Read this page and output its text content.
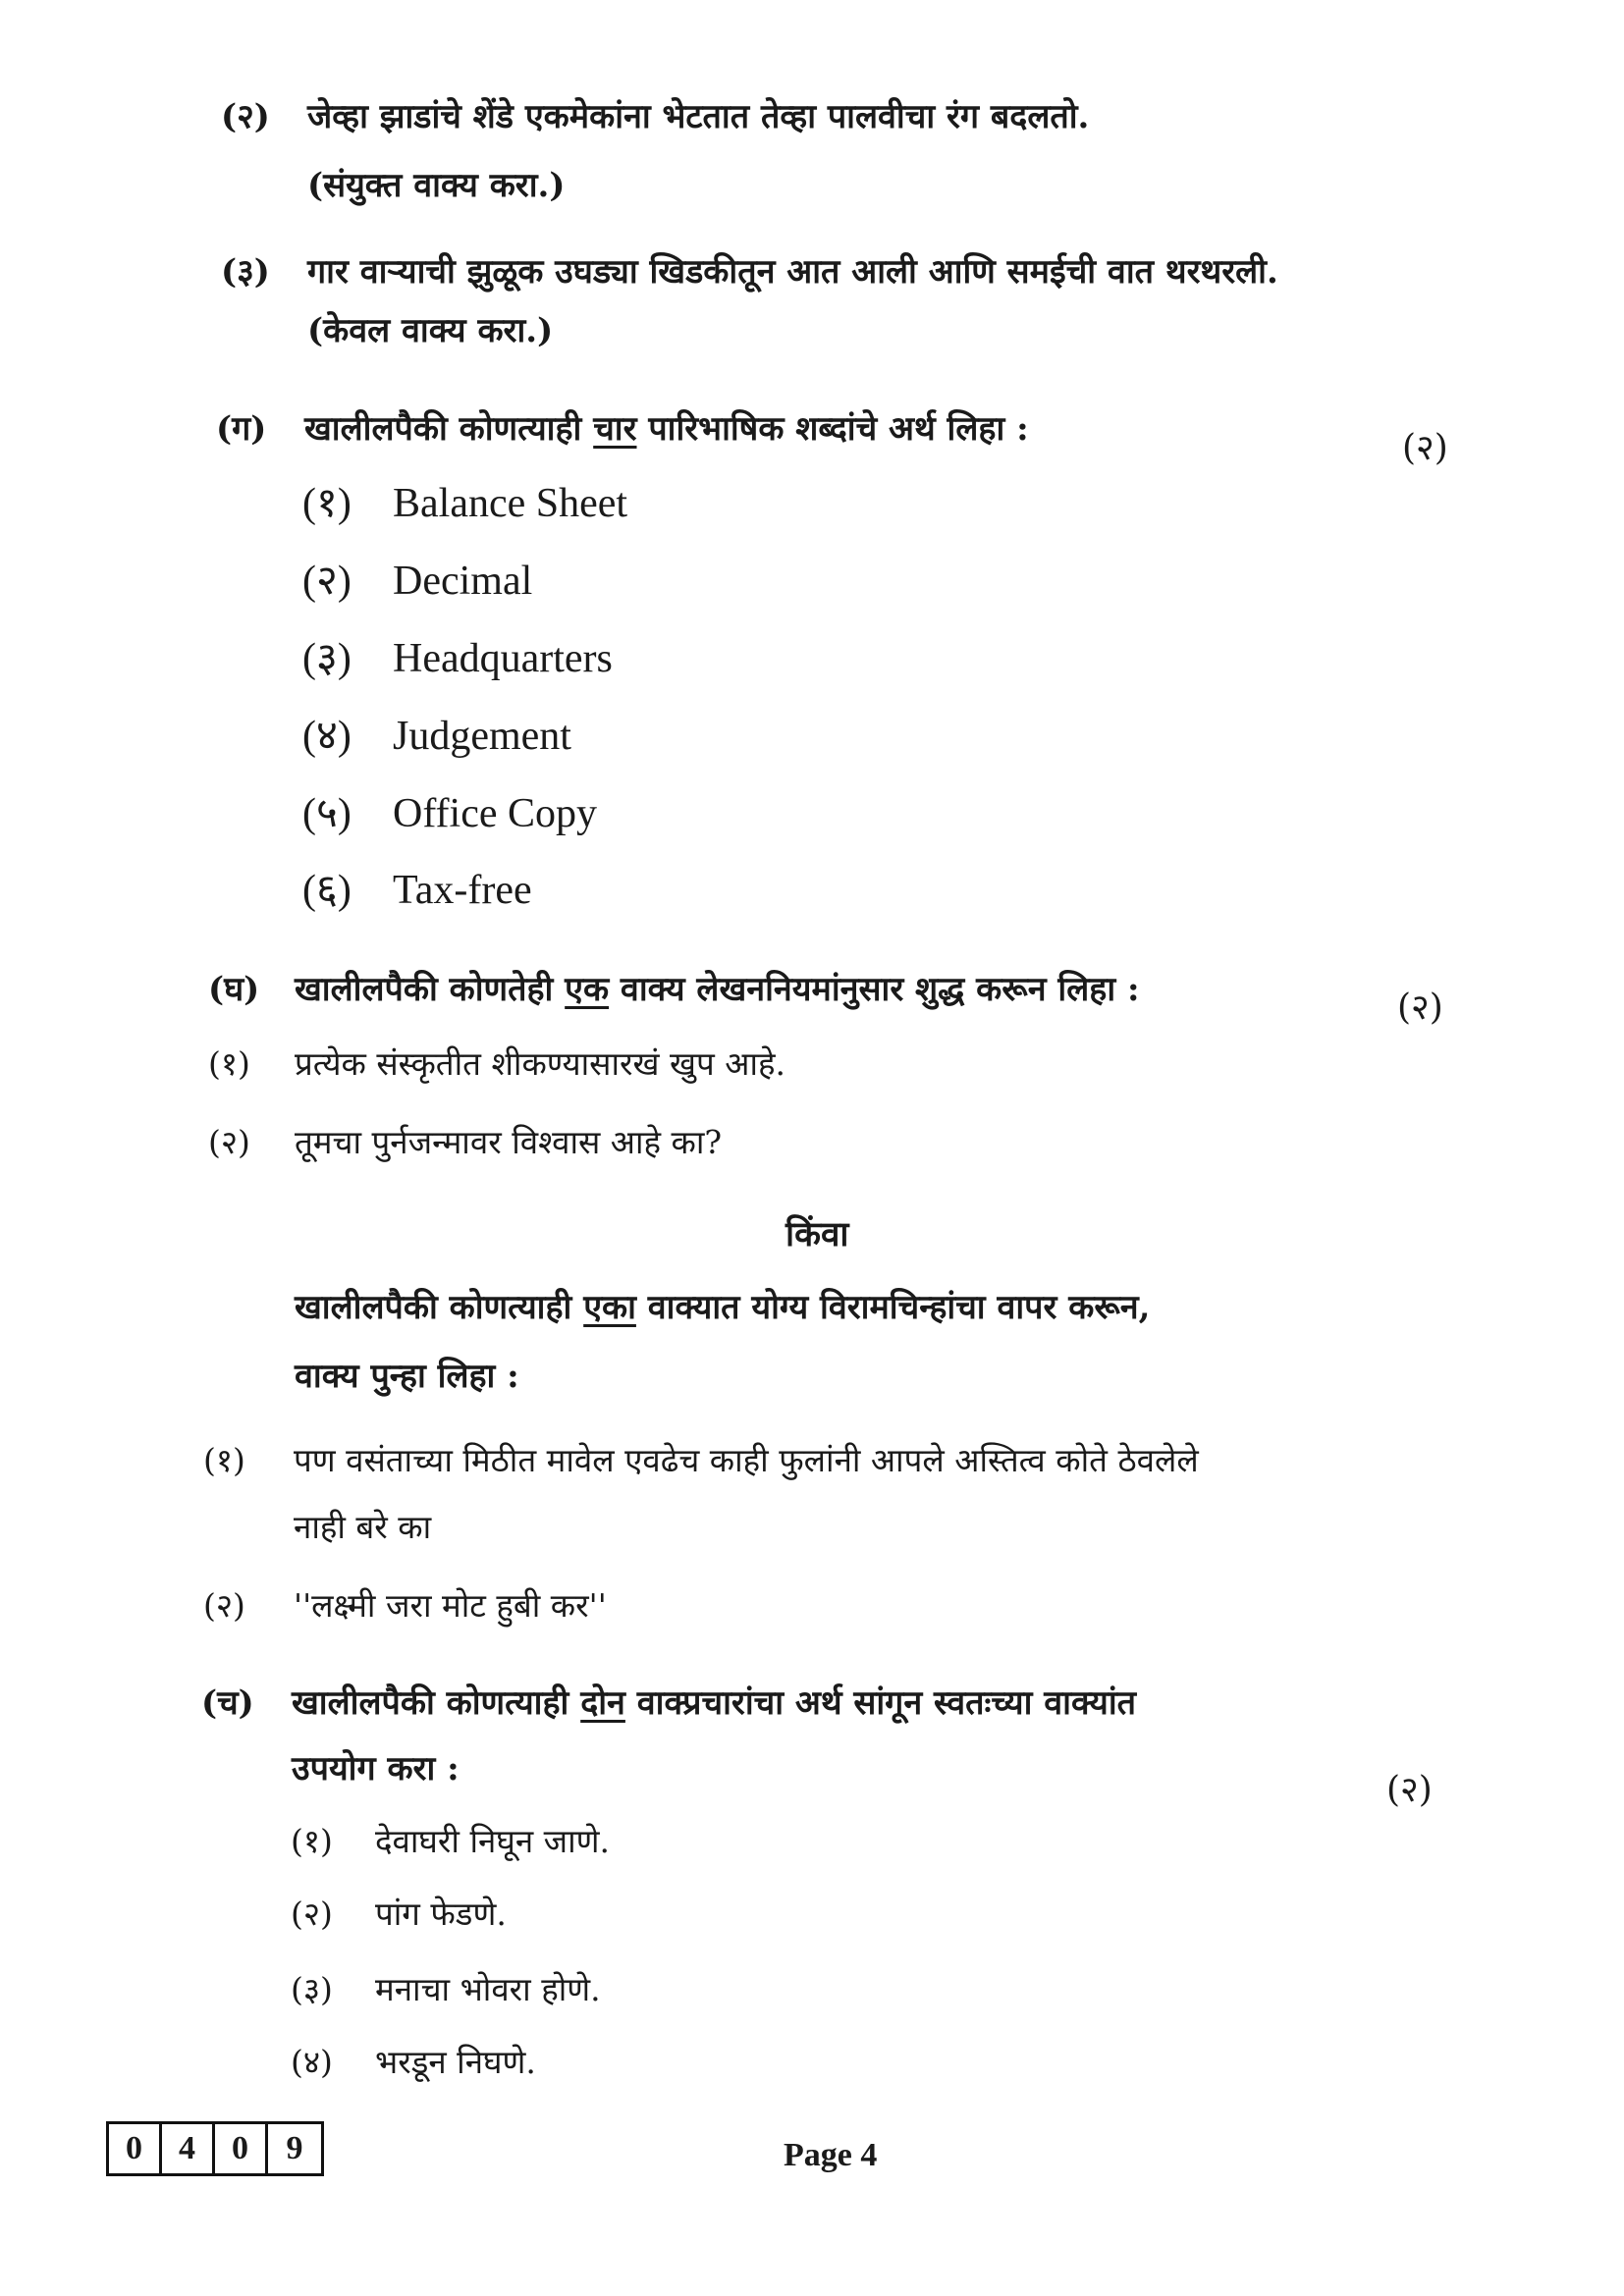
(२) जेव्हा झाडांचे शेंडे एकमेकांना भेटतात तेव्हा पालवीचा रंग बदलतो.
(संयुक्त वाक्य करा.)
(३) गार वाऱ्याची झुळूक उघड्या खिडकीतून आत आली आणि समईची वात थरथरली.
(केवल वाक्य करा.)
(ग) खालीलपैकी कोणत्याही चार पारिभाषिक शब्दांचे अर्थ लिहा :	(२)
(१) Balance Sheet
(२) Decimal
(३) Headquarters
(४) Judgement
(५) Office Copy
(६) Tax-free
(घ) खालीलपैकी कोणतेही एक वाक्य लेखननियमांनुसार शुद्ध करून लिहा :	(२)
(१) प्रत्येक संस्कृतीत शीकण्यासारखं खुप आहे.
(२) तूमचा पुर्नजन्मावर विश्वास आहे का?
किंवा
खालीलपैकी कोणत्याही एका वाक्यात योग्य विरामचिन्हांचा वापर करून,
वाक्य पुन्हा लिहा :
(१) पण वसंताच्या मिठीत मावेल एवढेच काही फुलांनी आपले अस्तित्व कोते ठेवलेले
नाही बरे का
(२) ''लक्ष्मी जरा मोट हुबी कर''
(च) खालीलपैकी कोणत्याही दोन वाक्प्रचारांचा अर्थ सांगून स्वतःच्या वाक्यांत
उपयोग करा :
(२)
(१) देवाघरी निघून जाणे.
(२) पांग फेडणे.
(३) मनाचा भोवरा होणे.
(४) भरडून निघणे.
0	4	0	9	Page 4
